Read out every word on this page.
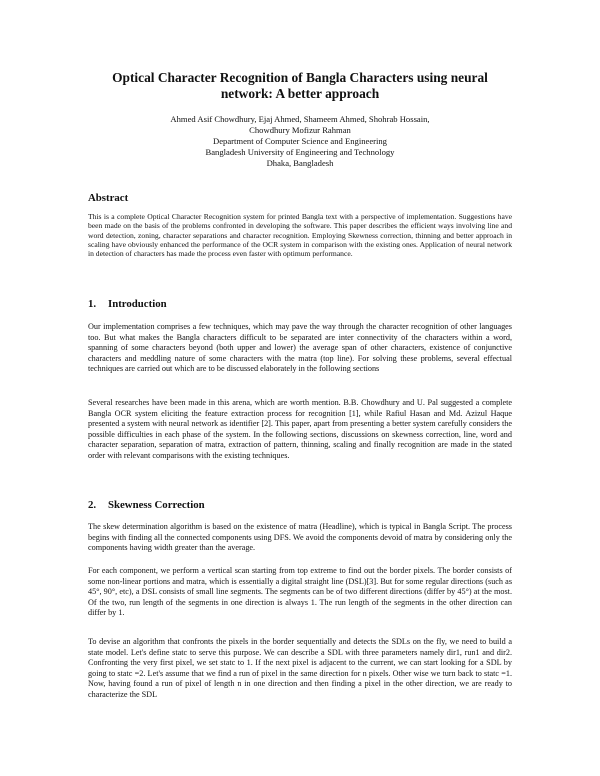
Optical Character Recognition of Bangla Characters using neural network: A better approach
Ahmed Asif Chowdhury, Ejaj Ahmed, Shameem Ahmed, Shohrab Hossain,
Chowdhury Mofizur Rahman
Department of Computer Science and Engineering
Bangladesh University of Engineering and Technology
Dhaka, Bangladesh
Abstract

This is a complete Optical Character Recognition system for printed Bangla text with a perspective of implementation. Suggestions have been made on the basis of the problems confronted in developing the software. This paper describes the efficient ways involving line and word detection, zoning, character separations and character recognition. Employing Skewness correction, thinning and better approach in scaling have obviously enhanced the performance of the OCR system in comparison with the existing ones. Application of neural network in detection of characters has made the process even faster with optimum performance.

1. Introduction

Our implementation comprises a few techniques, which may pave the way through the character recognition of other languages too. But what makes the Bangla characters difficult to be separated are inter connectivity of the characters within a word, spanning of some characters beyond (both upper and lower) the average span of other characters, existence of conjunctive characters and meddling nature of some characters with the matra (top line). For solving these problems, several effectual techniques are carried out which are to be discussed elaborately in the following sections

Several researches have been made in this arena, which are worth mention. B.B. Chowdhury and U. Pal suggested a complete Bangla OCR system eliciting the feature extraction process for recognition [1], while Rafiul Hasan and Md. Azizul Haque presented a system with neural network as identifier [2]. This paper, apart from presenting a better system carefully considers the possible difficulties in each phase of the system. In the following sections, discussions on skewness correction, line, word and character separation, separation of matra, extraction of pattern, thinning, scaling and finally recognition are made in the stated order with relevant comparisons with the existing techniques.

2. Skewness Correction

The skew determination algorithm is based on the existence of matra (Headline), which is typical in Bangla Script. The process begins with finding all the connected components using DFS. We avoid the components devoid of matra by considering only the components having width greater than the average.

For each component, we perform a vertical scan starting from top extreme to find out the border pixels. The border consists of some non-linear portions and matra, which is essentially a digital straight line (DSL)[3]. But for some regular directions (such as 45°, 90°, etc), a DSL consists of small line segments. The segments can be of two different directions (differ by 45°) at the most. Of the two, run length of the segments in one direction is always 1. The run length of the segments in the other direction can differ by 1.

To devise an algorithm that confronts the pixels in the border sequentially and detects the SDLs on the fly, we need to build a state model. Let's define statc to serve this purpose. We can describe a SDL with three parameters namely dir1, run1 and dir2. Confronting the very first pixel, we set statc to 1. If the next pixel is adjacent to the current, we can start looking for a SDL by going to statc =2. Let's assume that we find a run of pixel in the same direction for n pixels. Other wise we turn back to statc =1. Now, having found a run of pixel of length n in one direction and then finding a pixel in the other direction, we are ready to characterize the SDL
